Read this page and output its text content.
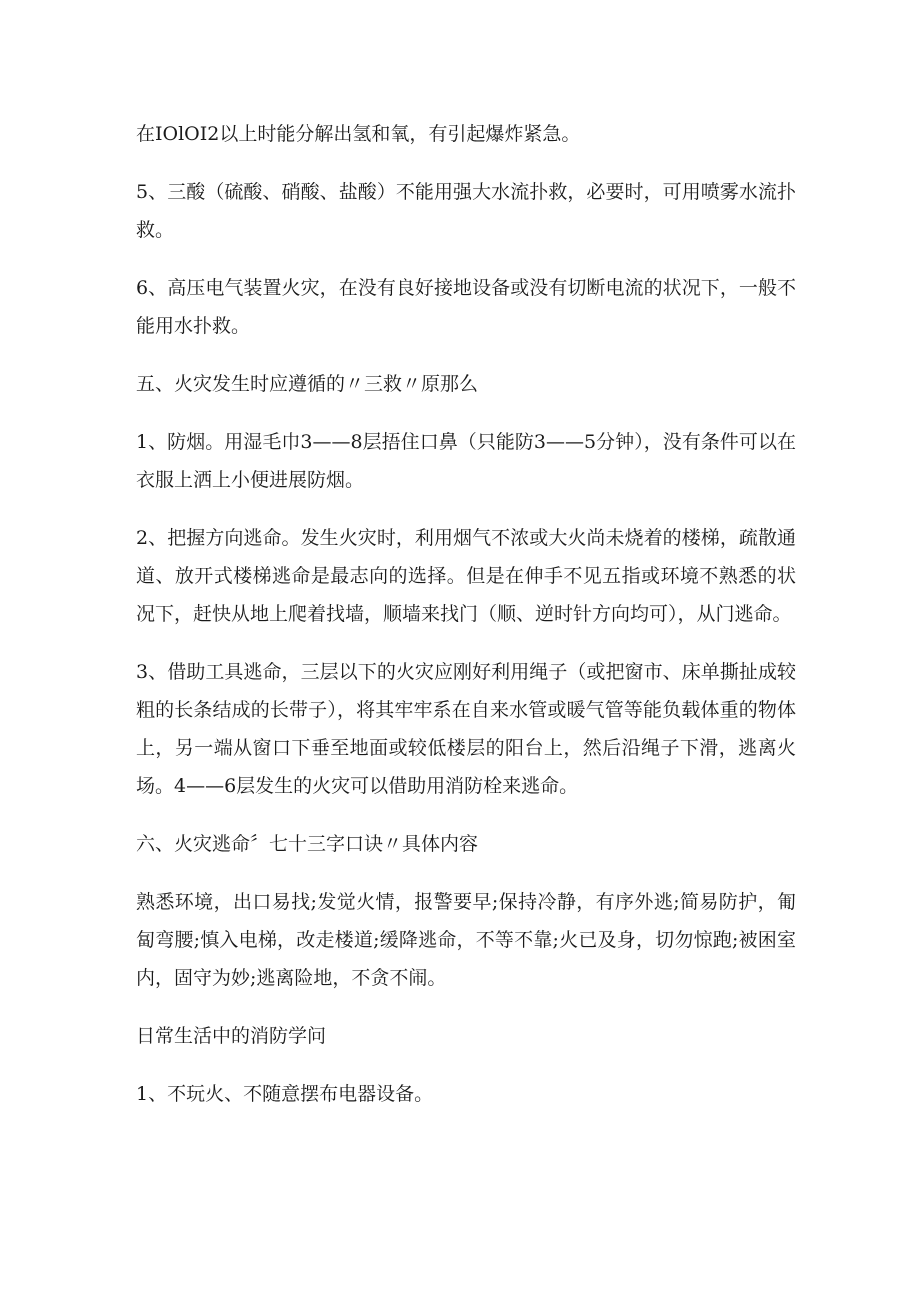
在IOlOI2以上时能分解出氢和氧，有引起爆炸紧急。

5、三酸（硫酸、硝酸、盐酸）不能用强大水流扑救，必要时，可用喷雾水流扑救。

6、高压电气装置火灾，在没有良好接地设备或没有切断电流的状况下，一般不能用水扑救。

五、火灾发生时应遵循的〃三救〃原那么

1、防烟。用湿毛巾3——8层捂住口鼻（只能防3——5分钟），没有条件可以在衣服上洒上小便进展防烟。

2、把握方向逃命。发生火灾时，利用烟气不浓或大火尚未烧着的楼梯，疏散通道、放开式楼梯逃命是最志向的选择。但是在伸手不见五指或环境不熟悉的状况下，赶快从地上爬着找墙，顺墙来找门（顺、逆时针方向均可），从门逃命。

3、借助工具逃命，三层以下的火灾应刚好利用绳子（或把窗市、床单撕扯成较粗的长条结成的长带子），将其牢牢系在自来水管或暖气管等能负载体重的物体上，另一端从窗口下垂至地面或较低楼层的阳台上，然后沿绳子下滑，逃离火场。4——6层发生的火灾可以借助用消防栓来逃命。

六、火灾逃命〞七十三字口诀〃具体内容

熟悉环境，出口易找;发觉火情，报警要早;保持冷静，有序外逃;简易防护，匍匐弯腰;慎入电梯，改走楼道;缓降逃命，不等不靠;火已及身，切勿惊跑;被困室内，固守为妙;逃离险地，不贪不闹。

日常生活中的消防学问

1、不玩火、不随意摆布电器设备。
